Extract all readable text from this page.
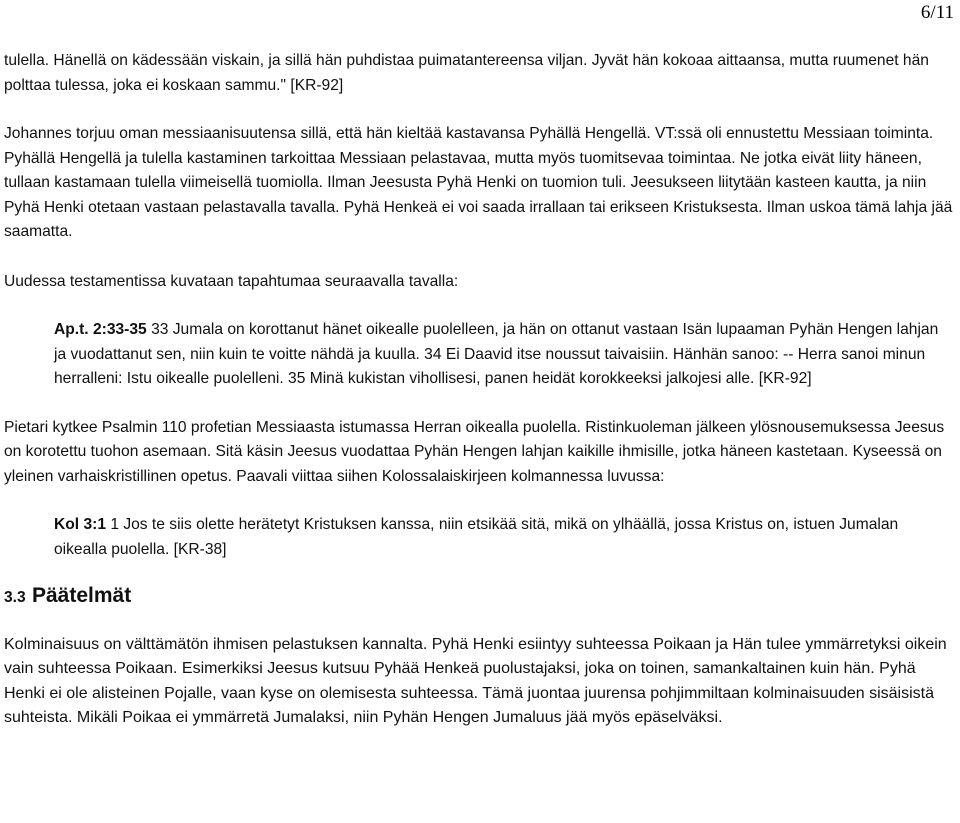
6/11

tulella. Hänellä on kädessään viskain, ja sillä hän puhdistaa puimatantereensa viljan. Jyvät hän kokoaa aittaansa, mutta ruumenet hän polttaa tulessa, joka ei koskaan sammu." [KR-92]

Johannes torjuu oman messiaanisuutensa sillä, että hän kieltää kastavansa Pyhällä Hengellä. VT:ssä oli ennustettu Messiaan toiminta. Pyhällä Hengellä ja tulella kastaminen tarkoittaa Messiaan pelastavaa, mutta myös tuomitsevaa toimintaa. Ne jotka eivät liity häneen, tullaan kastamaan tulella viimeisellä tuomiolla. Ilman Jeesusta Pyhä Henki on tuomion tuli. Jeesukseen liitytään kasteen kautta, ja niin Pyhä Henki otetaan vastaan pelastavalla tavalla. Pyhä Henkeä ei voi saada irrallaan tai erikseen Kristuksesta. Ilman uskoa tämä lahja jää saamatta.

Uudessa testamentissa kuvataan tapahtumaa seuraavalla tavalla:

Ap.t. 2:33-35 33 Jumala on korottanut hänet oikealle puolelleen, ja hän on ottanut vastaan Isän lupaaman Pyhän Hengen lahjan ja vuodattanut sen, niin kuin te voitte nähdä ja kuulla. 34 Ei Daavid itse noussut taivaisiin. Hänhän sanoo: -- Herra sanoi minun herralleni: Istu oikealle puolelleni. 35 Minä kukistan vihollisesi, panen heidät korokkeeksi jalkojesi alle. [KR-92]

Pietari kytkee Psalmin 110 profetian Messiaasta istumassa Herran oikealla puolella. Ristinkuoleman jälkeen ylösnousemuksessa Jeesus on korotettu tuohon asemaan. Sitä käsin Jeesus vuodattaa Pyhän Hengen lahjan kaikille ihmisille, jotka häneen kastetaan. Kyseessä on yleinen varhaiskristillinen opetus. Paavali viittaa siihen Kolossalaiskirjeen kolmannessa luvussa:

Kol 3:1 1 Jos te siis olette herätetyt Kristuksen kanssa, niin etsikää sitä, mikä on ylhäällä, jossa Kristus on, istuen Jumalan oikealla puolella. [KR-38]

3.3 Päätelmät

Kolminaisuus on välttämätön ihmisen pelastuksen kannalta. Pyhä Henki esiintyy suhteessa Poikaan ja Hän tulee ymmärretyksi oikein vain suhteessa Poikaan. Esimerkiksi Jeesus kutsuu Pyhää Henkeä puolustajaksi, joka on toinen, samankaltainen kuin hän. Pyhä Henki ei ole alisteinen Pojalle, vaan kyse on olemisesta suhteessa. Tämä juontaa juurensa pohjimmiltaan kolminaisuuden sisäisistä suhteista. Mikäli Poikaa ei ymmärretä Jumalaksi, niin Pyhän Hengen Jumaluus jää myös epäselväksi.
